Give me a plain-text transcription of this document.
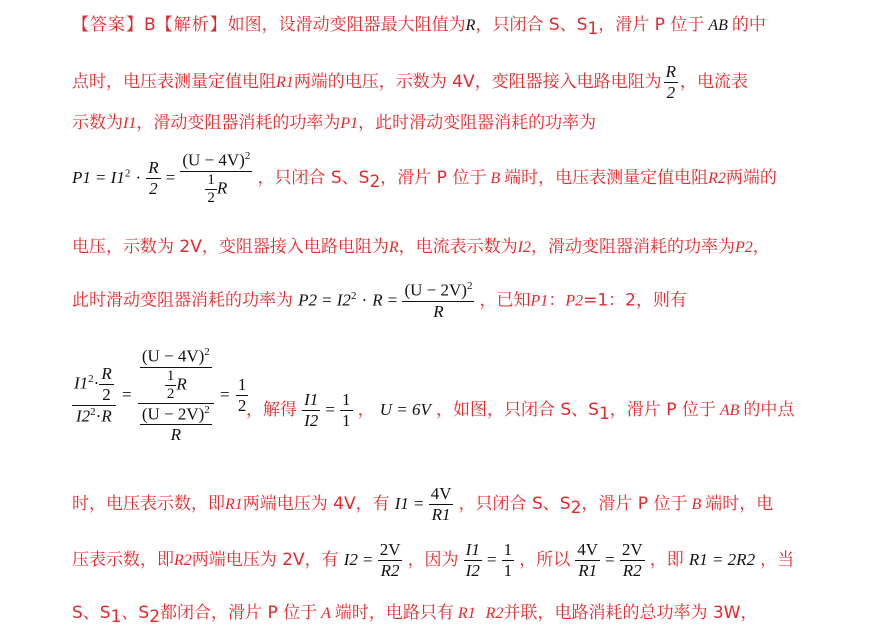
【答案】B【解析】如图，设滑动变阻器最大阻值为R，只闭合 S、$S_1$，滑片 P 位于 AB 的中
点时，电压表测量定值电阻R1两端的电压，示数为 4V，变阻器接入电路电阻为 $\frac{R}{2}$ ，电流表
示数为I1，滑动变阻器消耗的功率为P1，此时滑动变阻器消耗的功率为
$P1 = I1^2 \cdot \frac{R}{2} = \frac{(U - 4V)^2}{\frac{1}{2} R}$ ，只闭合 S、$S_2$，滑片 P 位于 B 端时，电压表测量定值电阻R2两端的
电压，示数为 2V，变阻器接入电路电阻为R，电流表示数为I2，滑动变阻器消耗的功率为P2，
此时滑动变阻器消耗的功率为 $P2 = I2^2 \cdot R = \frac{(U - 2V)^2}{R}$ ，已知P1：P2=1：2，则有
$\frac{I1^2\cdot \frac{R}{2}}{I2^2\cdot R} = \frac{\frac{(U - 4V)^2}{\frac{1}{2} R}}{\frac{(U - 2V)^2}{R}} = \frac{1}{2}$
，解得 $\frac{I1}{I2} = \frac{1}{1}$ ， U = 6V ，如图，只闭合 S、$S_1$，滑片 P 位于 AB 的中点
时，电压表示数，即R1两端电压为 4V，有 $I1 = \frac{4V}{R1}$ ，只闭合 S、$S_2$，滑片 P 位于 B 端时，电
压表示数，即R2两端电压为 2V，有 $I2 = \frac{2V}{R2}$ ，因为 $\frac{I1}{I2} = \frac{1}{1}$ ，所以 $\frac{4V}{R1} = \frac{2V}{R2}$ ，即 R1 = 2R2 ，当
S、$S_1$、$S_2$都闭合，滑片 P 位于 A 端时，电路只有 R1 R2并联，电路消耗的总功率为 3W，
